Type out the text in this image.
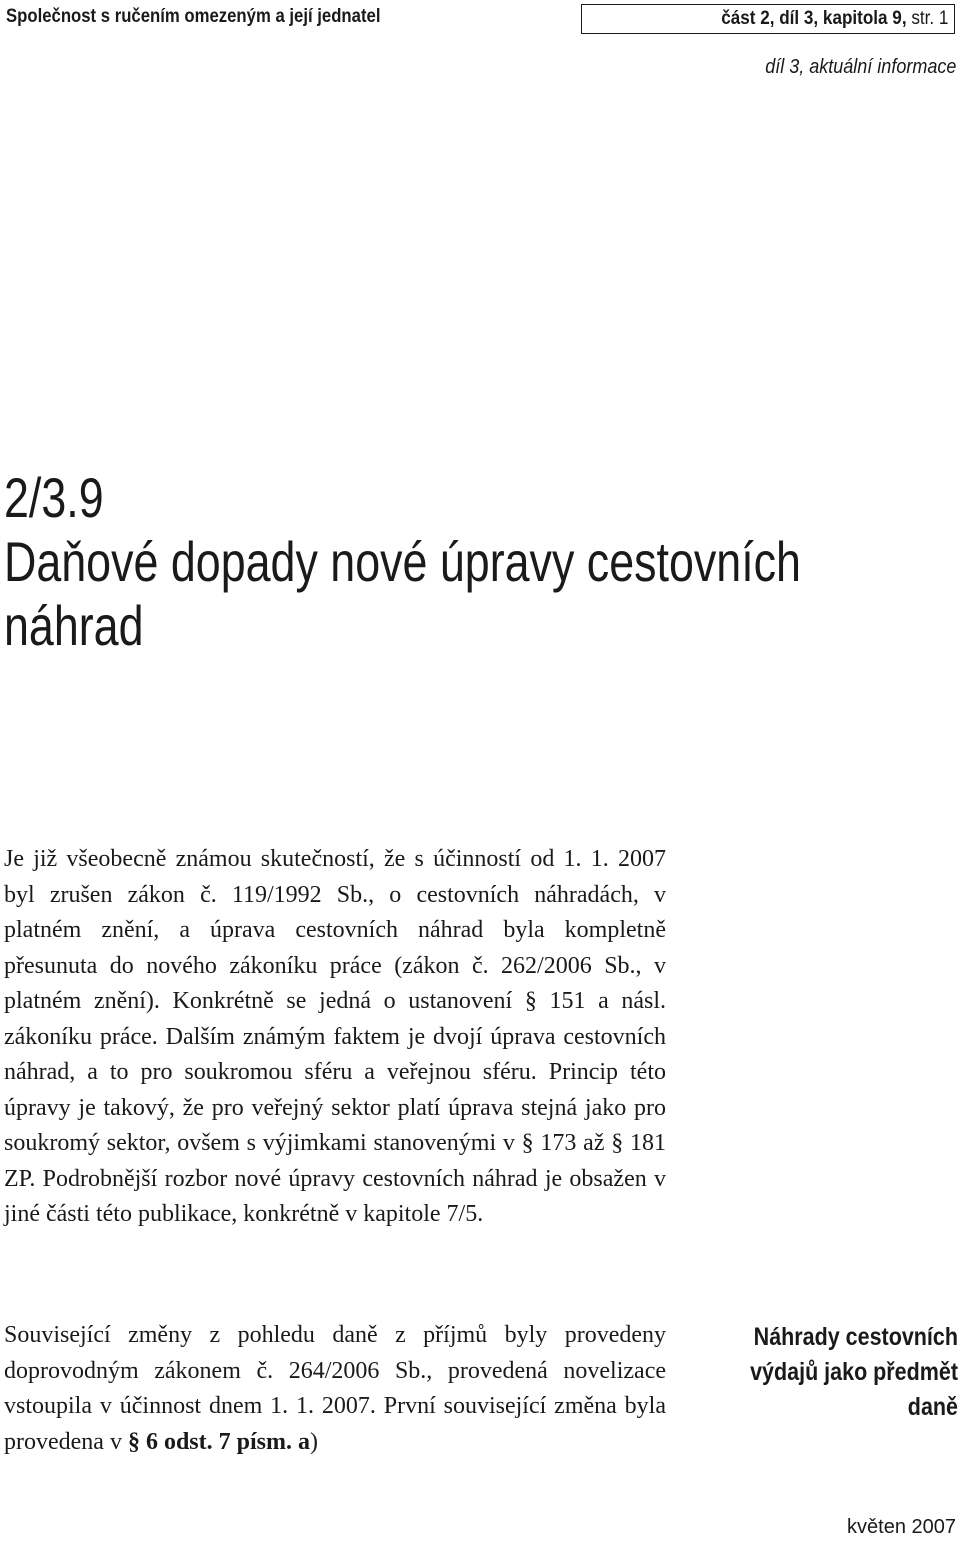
Společnost s ručením omezeným a její jednatel	část 2, díl 3, kapitola 9, str. 1
díl 3, aktuální informace
2/3.9
Daňové dopady nové úpravy cestovních
náhrad

Je již všeobecně známou skutečností, že s účinností od 1. 1. 2007 byl zrušen zákon č. 119/1992 Sb., o cestovních náhradách, v platném znění, a úprava cestovních náhrad byla kompletně přesunuta do nového zákoníku práce (zákon č. 262/2006 Sb., v platném znění). Konkrétně se jedná o ustanovení § 151 a násl. zákoníku práce. Dalším známým faktem je dvojí úprava cestovních náhrad, a to pro soukromou sféru a veřejnou sféru. Princip této úpravy je takový, že pro veřejný sektor platí úprava stejná jako pro soukromý sektor, ovšem s výjimkami stanovenými v § 173 až § 181 ZP. Podrobnější rozbor nové úpravy cestovních náhrad je obsažen v jiné části této publikace, konkrétně v kapitole 7/5.

Související změny z pohledu daně z příjmů byly provedeny doprovodným zákonem č. 264/2006 Sb., provedená novelizace vstoupila v účinnost dnem 1. 1. 2007. První související změna byla provedena v § 6 odst. 7 písm. a)

Náhrady cestovních
výdajů jako předmět
daně
květen 2007
